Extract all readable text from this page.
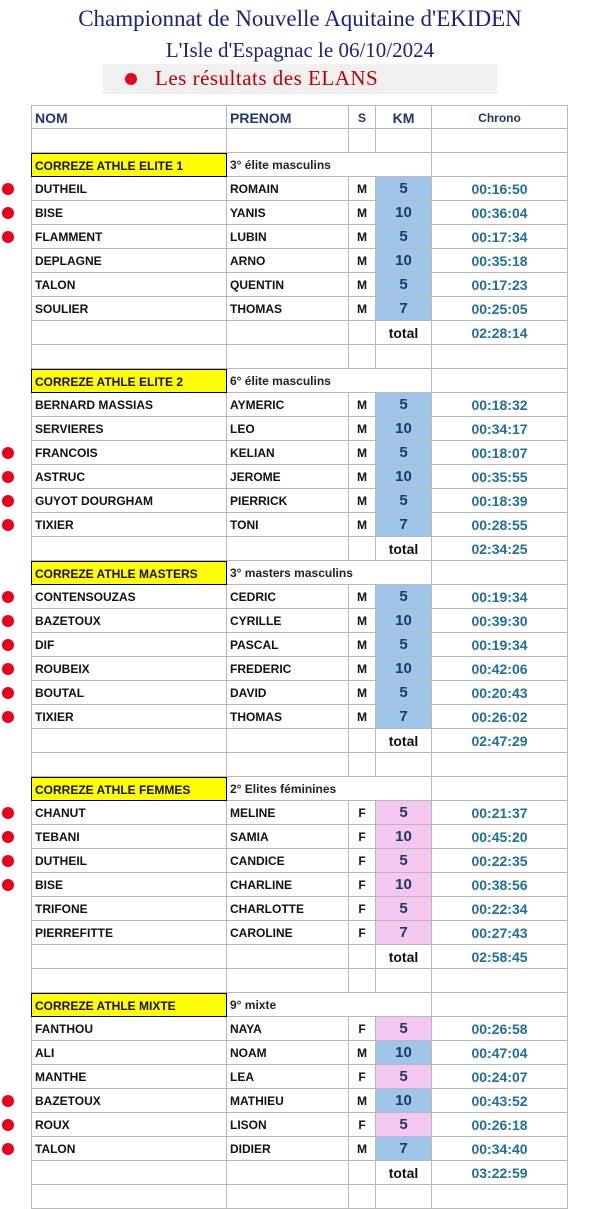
Championnat de Nouvelle Aquitaine d'EKIDEN
L'Isle d'Espagnac le 06/10/2024
Les résultats des ELANS
NOM	PRENOM	S	KM	Chrono
CORREZE ATHLE ELITE 1	3° élite masculins
DUTHEIL	ROMAIN	M	5	00:16:50
BISE	YANIS	M	10	00:36:04
FLAMMENT	LUBIN	M	5	00:17:34
DEPLAGNE	ARNO	M	10	00:35:18
TALON	QUENTIN	M	5	00:17:23
SOULIER	THOMAS	M	7	00:25:05
total	02:28:14
CORREZE ATHLE ELITE 2	6° élite masculins
BERNARD MASSIAS	AYMERIC	M	5	00:18:32
SERVIERES	LEO	M	10	00:34:17
FRANCOIS	KELIAN	M	5	00:18:07
ASTRUC	JEROME	M	10	00:35:55
GUYOT DOURGHAM	PIERRICK	M	5	00:18:39
TIXIER	TONI	M	7	00:28:55
total	02:34:25
CORREZE ATHLE MASTERS	3° masters masculins
CONTENSOUZAS	CEDRIC	M	5	00:19:34
BAZETOUX	CYRILLE	M	10	00:39:30
DIF	PASCAL	M	5	00:19:34
ROUBEIX	FREDERIC	M	10	00:42:06
BOUTAL	DAVID	M	5	00:20:43
TIXIER	THOMAS	M	7	00:26:02
total	02:47:29
CORREZE ATHLE FEMMES	2° Elites féminines
CHANUT	MELINE	F	5	00:21:37
TEBANI	SAMIA	F	10	00:45:20
DUTHEIL	CANDICE	F	5	00:22:35
BISE	CHARLINE	F	10	00:38:56
TRIFONE	CHARLOTTE	F	5	00:22:34
PIERREFITTE	CAROLINE	F	7	00:27:43
total	02:58:45
CORREZE ATHLE MIXTE	9° mixte
FANTHOU	NAYA	F	5	00:26:58
ALI	NOAM	M	10	00:47:04
MANTHE	LEA	F	5	00:24:07
BAZETOUX	MATHIEU	M	10	00:43:52
ROUX	LISON	F	5	00:26:18
TALON	DIDIER	M	7	00:34:40
total	03:22:59
